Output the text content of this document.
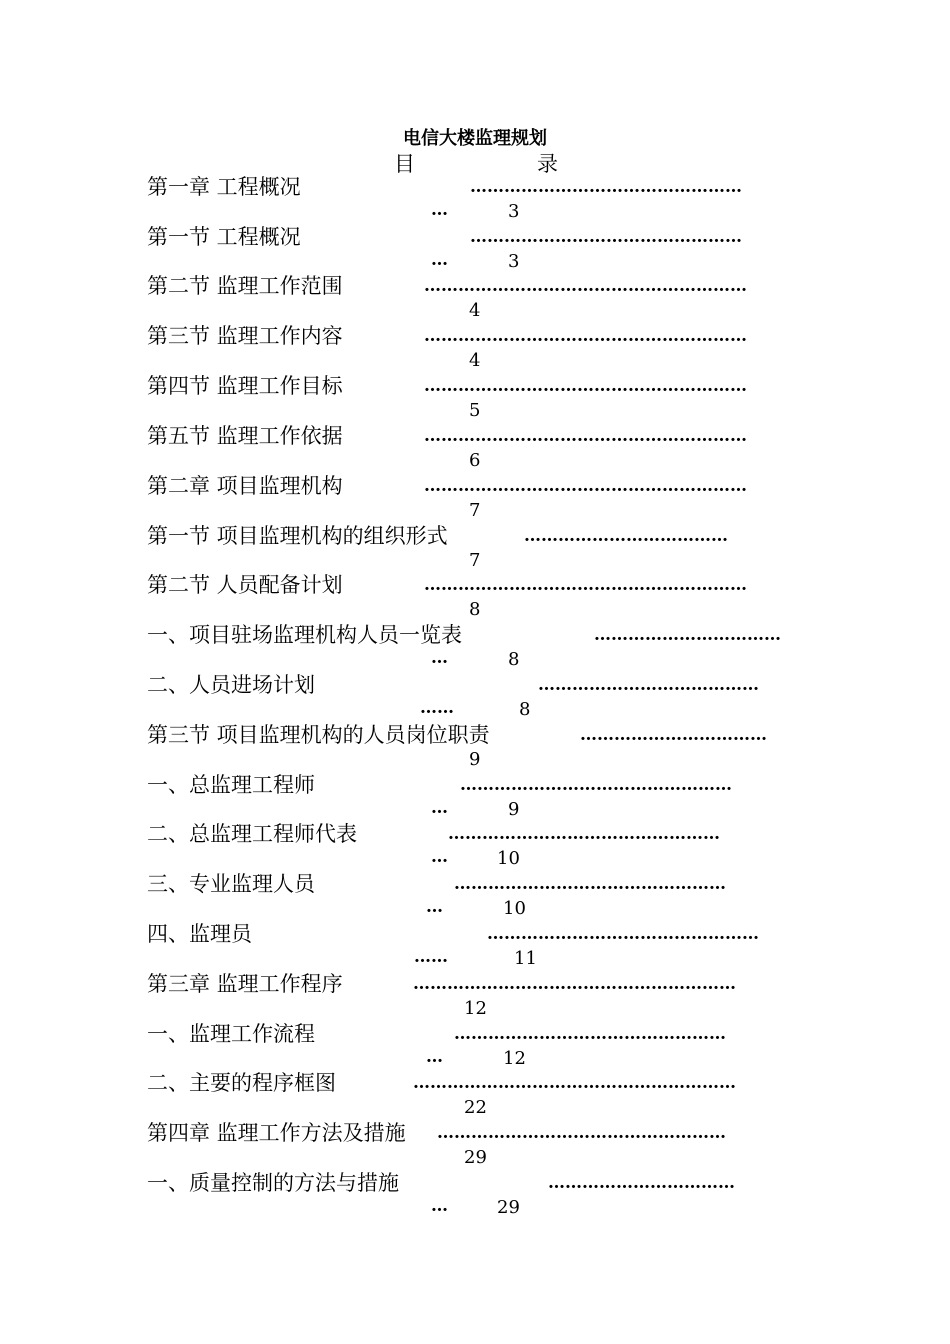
电信大楼监理规划
目	录
第一章 工程概况	…………………………………………
…	3
第一节 工程概况	…………………………………………
…	3
第二节 监理工作范围	…………………………………………………
4
第三节 监理工作内容	…………………………………………………
4
第四节 监理工作目标	…………………………………………………
5
第五节 监理工作依据	…………………………………………………
6
第二章 项目监理机构	…………………………………………………
7
第一节 项目监理机构的组织形式	………………………………
7
第二节 人员配备计划	…………………………………………………
8
一、项目驻场监理机构人员一览表	……………………………
…	8
二、人员进场计划	…………………………………
……	8
第三节 项目监理机构的人员岗位职责	……………………………
9
一、总监理工程师	…………………………………………
…	9
二、总监理工程师代表	…………………………………………
…	10
三、专业监理人员	…………………………………………
…	10
四、监理员	…………………………………………
……	11
第三章 监理工作程序	…………………………………………………
12
一、监理工作流程	…………………………………………
…	12
二、主要的程序框图	…………………………………………………
22
第四章 监理工作方法及措施 ……………………………………………
29
一、质量控制的方法与措施	……………………………
…	29
